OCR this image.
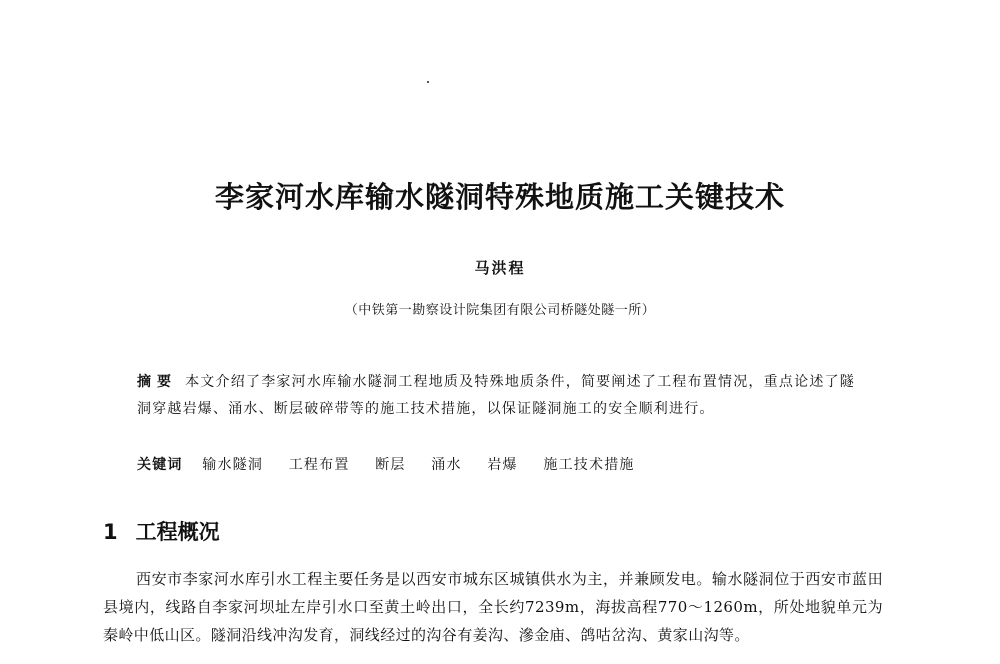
李家河水库输水隧洞特殊地质施工关键技术
马洪程
（中铁第一勘察设计院集团有限公司桥隧处隧一所）
摘要 本文介绍了李家河水库输水隧洞工程地质及特殊地质条件，简要阐述了工程布置情况，重点论述了隧洞穿越岩爆、涌水、断层破碎带等的施工技术措施，以保证隧洞施工的安全顺利进行。
关键词 输水隧洞 工程布置 断层 涌水 岩爆 施工技术措施
1 工程概况
西安市李家河水库引水工程主要任务是以西安市城东区城镇供水为主，并兼顾发电。输水隧洞位于西安市蓝田县境内，线路自李家河坝址左岸引水口至黄土岭出口，全长约7239m，海拔高程770～1260m，所处地貌单元为秦岭中低山区。隧洞沿线冲沟发育，洞线经过的沟谷有姜沟、滲金庙、鸽咕岔沟、黄家山沟等。
